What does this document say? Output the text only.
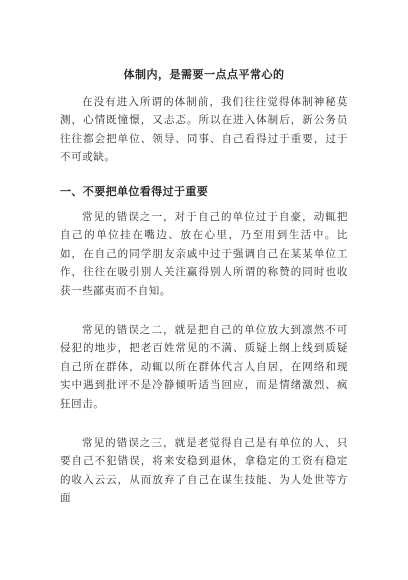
体制内，是需要一点点平常心的
在没有进入所谓的体制前，我们往往觉得体制神秘莫测，心情既憧憬，又忐忑。所以在进入体制后，新公务员往往都会把单位、领导、同事、自己看得过于重要，过于不可或缺。
一、不要把单位看得过于重要
常见的错误之一，对于自己的单位过于自豪，动辄把自己的单位挂在嘴边、放在心里，乃至用到生活中。比如，在自己的同学朋友亲戚中过于强调自己在某某单位工作，往往在吸引别人关注赢得别人所谓的称赞的同时也收获一些鄙夷而不自知。
常见的错误之二，就是把自己的单位放大到凛然不可侵犯的地步，把老百姓常见的不满、质疑上纲上线到质疑自己所在群体，动辄以所在群体代言人自居，在网络和现实中遇到批评不是冷静倾听适当回应，而是情绪激烈、疯狂回击。
常见的错误之三，就是老觉得自己是有单位的人，只要自己不犯错误，将来安稳到退休，拿稳定的工资有稳定的收入云云，从而放弃了自己在谋生技能、为人处世等方面
